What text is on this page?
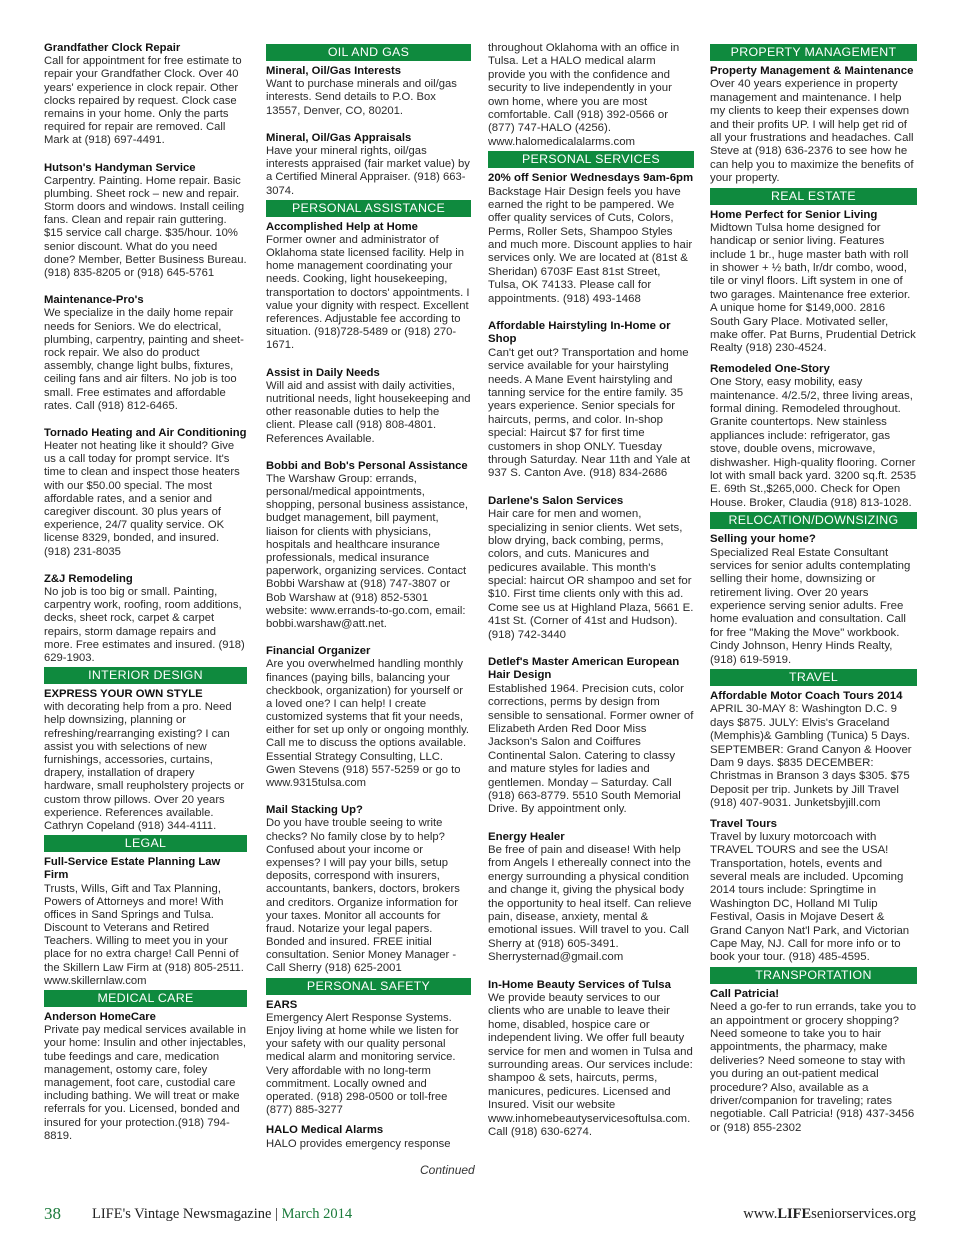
Grandfather Clock Repair
Call for appointment for free estimate to repair your Grandfather Clock. Over 40 years' experience in clock repair. Other clocks repaired by request. Clock case remains in your home. Only the parts required for repair are removed. Call Mark at (918) 697-4491.
Hutson's Handyman Service
Carpentry. Painting. Home repair. Basic plumbing. Sheet rock – new and repair. Storm doors and windows. Install ceiling fans. Clean and repair rain guttering. $15 service call charge. $35/hour. 10% senior discount. What do you need done? Member, Better Business Bureau. (918) 835-8205 or (918) 645-5761
Maintenance-Pro's
We specialize in the daily home repair needs for Seniors. We do electrical, plumbing, carpentry, painting and sheet-rock repair. We also do product assembly, change light bulbs, fixtures, ceiling fans and air filters. No job is too small. Free estimates and affordable rates. Call (918) 812-6465.
Tornado Heating and Air Conditioning
Heater not heating like it should? Give us a call today for prompt service. It's time to clean and inspect those heaters with our $50.00 special. The most affordable rates, and a senior and caregiver discount. 30 plus years of experience, 24/7 quality service. OK license 8329, bonded, and insured. (918) 231-8035
Z&J Remodeling
No job is too big or small. Painting, carpentry work, roofing, room additions, decks, sheet rock, carpet & carpet repairs, storm damage repairs and more. Free estimates and insured. (918) 629-1903.
INTERIOR DESIGN
EXPRESS YOUR OWN STYLE
with decorating help from a pro. Need help downsizing, planning or refreshing/rearranging existing? I can assist you with selections of new furnishings, accessories, curtains, drapery, installation of drapery hardware, small reupholstery projects or custom throw pillows. Over 20 years experience. References available. Cathryn Copeland (918) 344-4111.
LEGAL
Full-Service Estate Planning Law Firm
Trusts, Wills, Gift and Tax Planning, Powers of Attorneys and more! With offices in Sand Springs and Tulsa. Discount to Veterans and Retired Teachers. Willing to meet you in your place for no extra charge! Call Penni of the Skillern Law Firm at (918) 805-2511. www.skillernlaw.com
MEDICAL CARE
Anderson HomeCare
Private pay medical services available in your home: Insulin and other injectables, tube feedings and care, medication management, ostomy care, foley management, foot care, custodial care including bathing. We will treat or make referrals for you. Licensed, bonded and insured for your protection.(918) 794-8819.
OIL AND GAS
Mineral, Oil/Gas Interests
Want to purchase minerals and oil/gas interests. Send details to P.O. Box 13557, Denver, CO, 80201.
Mineral, Oil/Gas Appraisals
Have your mineral rights, oil/gas interests appraised (fair market value) by a Certified Mineral Appraiser. (918) 663-3074.
PERSONAL ASSISTANCE
Accomplished Help at Home
Former owner and administrator of Oklahoma state licensed facility. Help in home management coordinating your needs. Cooking, light housekeeping, transportation to doctors' appointments. I value your dignity with respect. Excellent references. Adjustable fee according to situation. (918)728-5489 or (918) 270-1671.
Assist in Daily Needs
Will aid and assist with daily activities, nutritional needs, light housekeeping and other reasonable duties to help the client. Please call (918) 808-4801. References Available.
Bobbi and Bob's Personal Assistance
The Warshaw Group: errands, personal/medical appointments, shopping, personal business assistance, budget management, bill payment, liaison for clients with physicians, hospitals and healthcare insurance professionals, medical insurance paperwork, organizing services. Contact Bobbi Warshaw at (918) 747-3807 or Bob Warshaw at (918) 852-5301 website: www.errands-to-go.com, email: bobbi.warshaw@att.net.
Financial Organizer
Are you overwhelmed handling monthly finances (paying bills, balancing your checkbook, organization) for yourself or a loved one? I can help! I create customized systems that fit your needs, either for set up only or ongoing monthly. Call me to discuss the options available. Essential Strategy Consulting, LLC. Gwen Stevens (918) 557-5259 or go to www.9315tulsa.com
Mail Stacking Up?
Do you have trouble seeing to write checks? No family close by to help? Confused about your income or expenses? I will pay your bills, setup deposits, correspond with insurers, accountants, bankers, doctors, brokers and creditors. Organize information for your taxes. Monitor all accounts for fraud. Notarize your legal papers. Bonded and insured. FREE initial consultation. Senior Money Manager - Call Sherry (918) 625-2001
PERSONAL SAFETY
EARS
Emergency Alert Response Systems. Enjoy living at home while we listen for your safety with our quality personal medical alarm and monitoring service. Very affordable with no long-term commitment. Locally owned and operated. (918) 298-0500 or toll-free (877) 885-3277
HALO Medical Alarms
HALO provides emergency response
throughout Oklahoma with an office in Tulsa. Let a HALO medical alarm provide you with the confidence and security to live independently in your own home, where you are most comfortable. Call (918) 392-0566 or (877) 747-HALO (4256). www.halomedicalalarms.com
PERSONAL SERVICES
20% off Senior Wednesdays 9am-6pm
Backstage Hair Design feels you have earned the right to be pampered. We offer quality services of Cuts, Colors, Perms, Roller Sets, Shampoo Styles and much more. Discount applies to hair services only. We are located at (81st & Sheridan) 6703F East 81st Street, Tulsa, OK 74133. Please call for appointments. (918) 493-1468
Affordable Hairstyling In-Home or Shop
Can't get out? Transportation and home service available for your hairstyling needs. A Mane Event hairstyling and tanning service for the entire family. 35 years experience. Senior specials for haircuts, perms, and color. In-shop special: Haircut $7 for first time customers in shop ONLY. Tuesday through Saturday. Near 11th and Yale at 937 S. Canton Ave. (918) 834-2686
Darlene's Salon Services
Hair care for men and women, specializing in senior clients. Wet sets, blow drying, back combing, perms, colors, and cuts. Manicures and pedicures available. This month's special: haircut OR shampoo and set for $10. First time clients only with this ad. Come see us at Highland Plaza, 5661 E. 41st St. (Corner of 41st and Hudson). (918) 742-3440
Detlef's Master American European Hair Design
Established 1964. Precision cuts, color corrections, perms by design from sensible to sensational. Former owner of Elizabeth Arden Red Door Miss Jackson's Salon and Coiffures Continental Salon. Catering to classy and mature styles for ladies and gentlemen. Monday – Saturday. Call (918) 663-8779. 5510 South Memorial Drive. By appointment only.
Energy Healer
Be free of pain and disease! With help from Angels I ethereally connect into the energy surrounding a physical condition and change it, giving the physical body the opportunity to heal itself. Can relieve pain, disease, anxiety, mental & emotional issues. Will travel to you. Call Sherry at (918) 605-3491. Sherrysternad@gmail.com
In-Home Beauty Services of Tulsa
We provide beauty services to our clients who are unable to leave their home, disabled, hospice care or independent living. We offer full beauty service for men and women in Tulsa and surrounding areas. Our services include: shampoo & sets, haircuts, perms, manicures, pedicures. Licensed and Insured. Visit our website www.inhomebeautyservicesoftulsa.com. Call (918) 630-6274.
PROPERTY MANAGEMENT
Property Management & Maintenance
Over 40 years experience in property management and maintenance. I help my clients to keep their expenses down and their profits UP. I will help get rid of all your frustrations and headaches. Call Steve at (918) 636-2376 to see how he can help you to maximize the benefits of your property.
REAL ESTATE
Home Perfect for Senior Living
Midtown Tulsa home designed for handicap or senior living. Features include 1 br., huge master bath with roll in shower + ½ bath, lr/dr combo, wood, tile or vinyl floors. Lift system in one of two garages. Maintenance free exterior. A unique home for $149,000. 2816 South Gary Place. Motivated seller, make offer. Pat Burns, Prudential Detrick Realty (918) 230-4524.
Remodeled One-Story
One Story, easy mobility, easy maintenance. 4/2.5/2, three living areas, formal dining. Remodeled throughout. Granite countertops. New stainless appliances include: refrigerator, gas stove, double ovens, microwave, dishwasher. High-quality flooring. Corner lot with small back yard. 3200 sq.ft. 2535 E. 69th St.,$265,000. Check for Open House. Broker, Claudia (918) 813-1028.
RELOCATION/DOWNSIZING
Selling your home?
Specialized Real Estate Consultant services for senior adults contemplating selling their home, downsizing or retirement living. Over 20 years experience serving senior adults. Free home evaluation and consultation. Call for free "Making the Move" workbook. Cindy Johnson, Henry Hinds Realty, (918) 619-5919.
TRAVEL
Affordable Motor Coach Tours 2014
APRIL 30-MAY 8: Washington D.C. 9 days $875. JULY: Elvis's Graceland (Memphis)& Gambling (Tunica) 5 Days. SEPTEMBER: Grand Canyon & Hoover Dam 9 days. $835 DECEMBER: Christmas in Branson 3 days $305. $75 Deposit per trip. Junkets by Jill Travel (918) 407-9031. Junketsbyjill.com
Travel Tours
Travel by luxury motorcoach with TRAVEL TOURS and see the USA! Transportation, hotels, events and several meals are included. Upcoming 2014 tours include: Springtime in Washington DC, Holland MI Tulip Festival, Oasis in Mojave Desert & Grand Canyon Nat'l Park, and Victorian Cape May, NJ. Call for more info or to book your tour. (918) 485-4595.
TRANSPORTATION
Call Patricia!
Need a go-fer to run errands, take you to an appointment or grocery shopping? Need someone to take you to hair appointments, the pharmacy, make deliveries? Need someone to stay with you during an out-patient medical procedure? Also, available as a driver/companion for traveling; rates negotiable. Call Patricia! (918) 437-3456 or (918) 855-2302
Continued
38 LIFE's Vintage Newsmagazine | March 2014	www.LIFEseniorservices.org
